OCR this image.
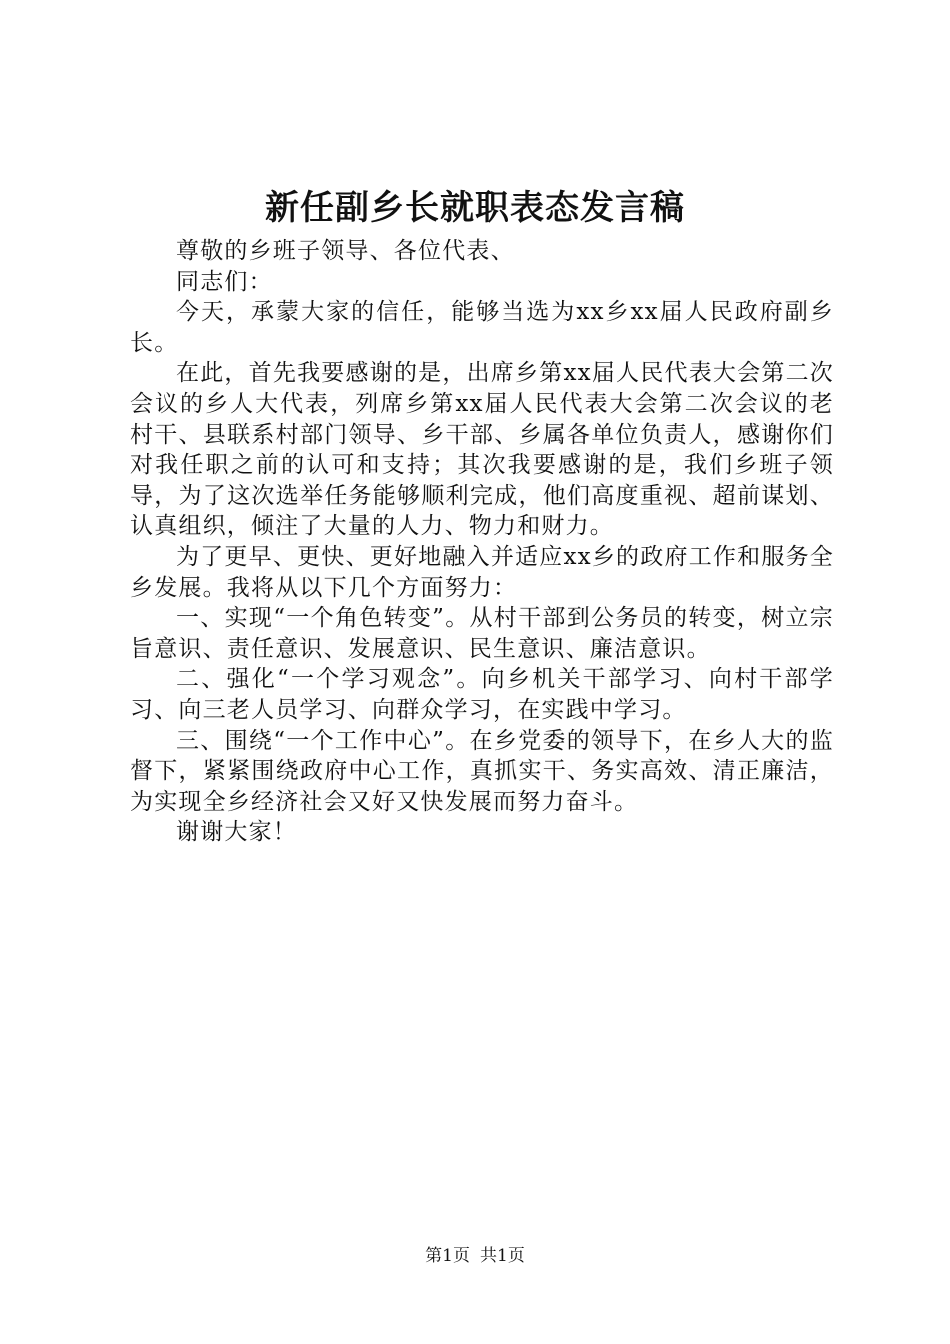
新任副乡长就职表态发言稿

尊敬的乡班子领导、各位代表、

同志们：

今天，承蒙大家的信任，能够当选为xx乡xx届人民政府副乡长。

在此，首先我要感谢的是，出席乡第xx届人民代表大会第二次会议的乡人大代表，列席乡第xx届人民代表大会第二次会议的老村干、县联系村部门领导、乡干部、乡属各单位负责人，感谢你们对我任职之前的认可和支持；其次我要感谢的是，我们乡班子领导，为了这次选举任务能够顺利完成，他们高度重视、超前谋划、认真组织，倾注了大量的人力、物力和财力。

为了更早、更快、更好地融入并适应xx乡的政府工作和服务全乡发展。我将从以下几个方面努力：

一、实现“一个角色转变”。从村干部到公务员的转变，树立宗旨意识、责任意识、发展意识、民生意识、廉洁意识。

二、强化“一个学习观念”。向乡机关干部学习、向村干部学习、向三老人员学习、向群众学习，在实践中学习。

三、围绕“一个工作中心”。在乡党委的领导下，在乡人大的监督下，紧紧围绕政府中心工作，真抓实干、务实高效、清正廉洁，为实现全乡经济社会又好又快发展而努力奋斗。

谢谢大家！

第1页 共1页
